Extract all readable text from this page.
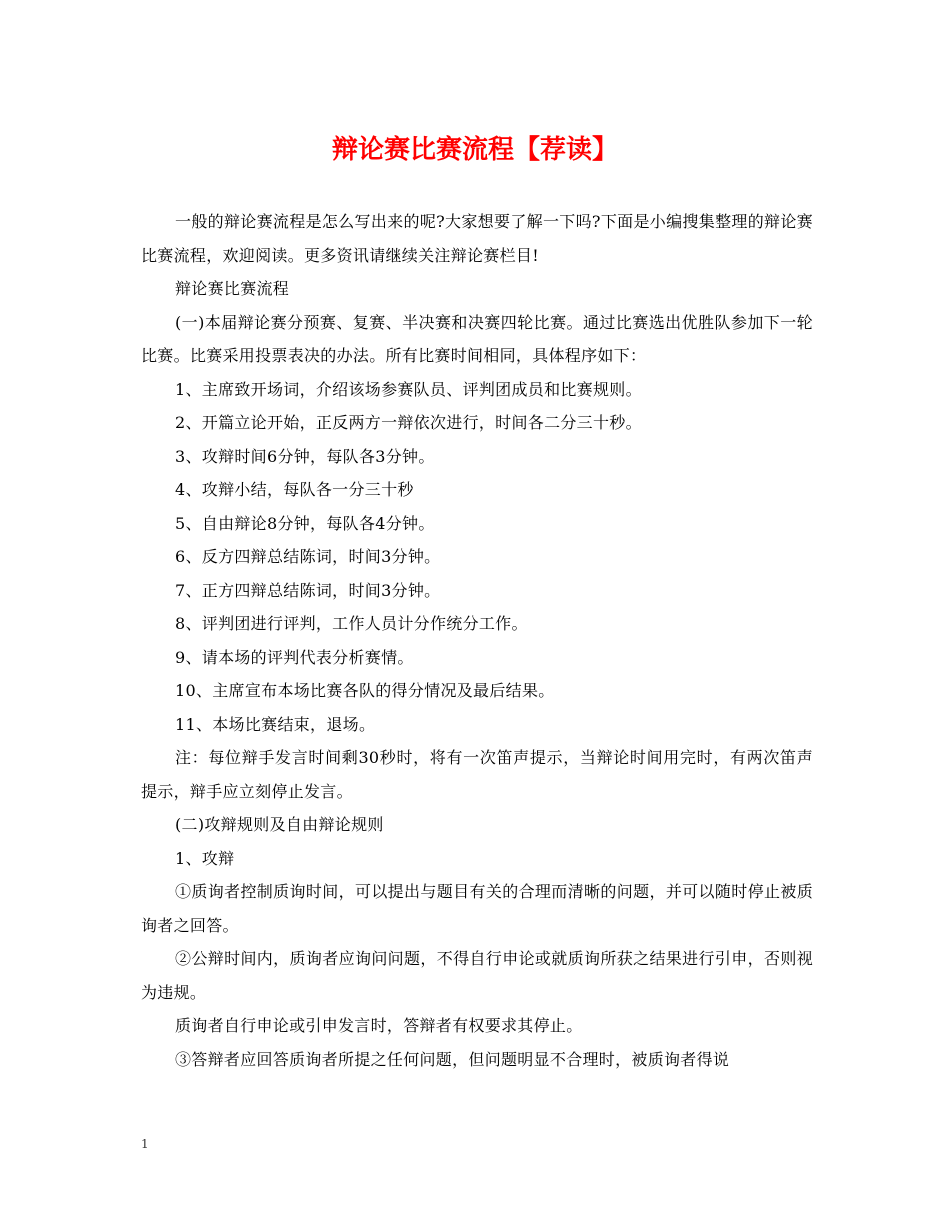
辩论赛比赛流程【荐读】

一般的辩论赛流程是怎么写出来的呢?大家想要了解一下吗?下面是小编搜集整理的辩论赛比赛流程，欢迎阅读。更多资讯请继续关注辩论赛栏目!

辩论赛比赛流程

(一)本届辩论赛分预赛、复赛、半决赛和决赛四轮比赛。通过比赛选出优胜队参加下一轮比赛。比赛采用投票表决的办法。所有比赛时间相同，具体程序如下：

1、主席致开场词，介绍该场参赛队员、评判团成员和比赛规则。

2、开篇立论开始，正反两方一辩依次进行，时间各二分三十秒。

3、攻辩时间6分钟，每队各3分钟。

4、攻辩小结，每队各一分三十秒

5、自由辩论8分钟，每队各4分钟。

6、反方四辩总结陈词，时间3分钟。

7、正方四辩总结陈词，时间3分钟。

8、评判团进行评判，工作人员计分作统分工作。

9、请本场的评判代表分析赛情。

10、主席宣布本场比赛各队的得分情况及最后结果。

11、本场比赛结束，退场。

注：每位辩手发言时间剩30秒时，将有一次笛声提示，当辩论时间用完时，有两次笛声提示，辩手应立刻停止发言。

(二)攻辩规则及自由辩论规则

1、攻辩

①质询者控制质询时间，可以提出与题目有关的合理而清晰的问题，并可以随时停止被质询者之回答。

②公辩时间内，质询者应询问问题，不得自行申论或就质询所获之结果进行引申，否则视为违规。

质询者自行申论或引申发言时，答辩者有权要求其停止。

③答辩者应回答质询者所提之任何问题，但问题明显不合理时，被质询者得说

1
